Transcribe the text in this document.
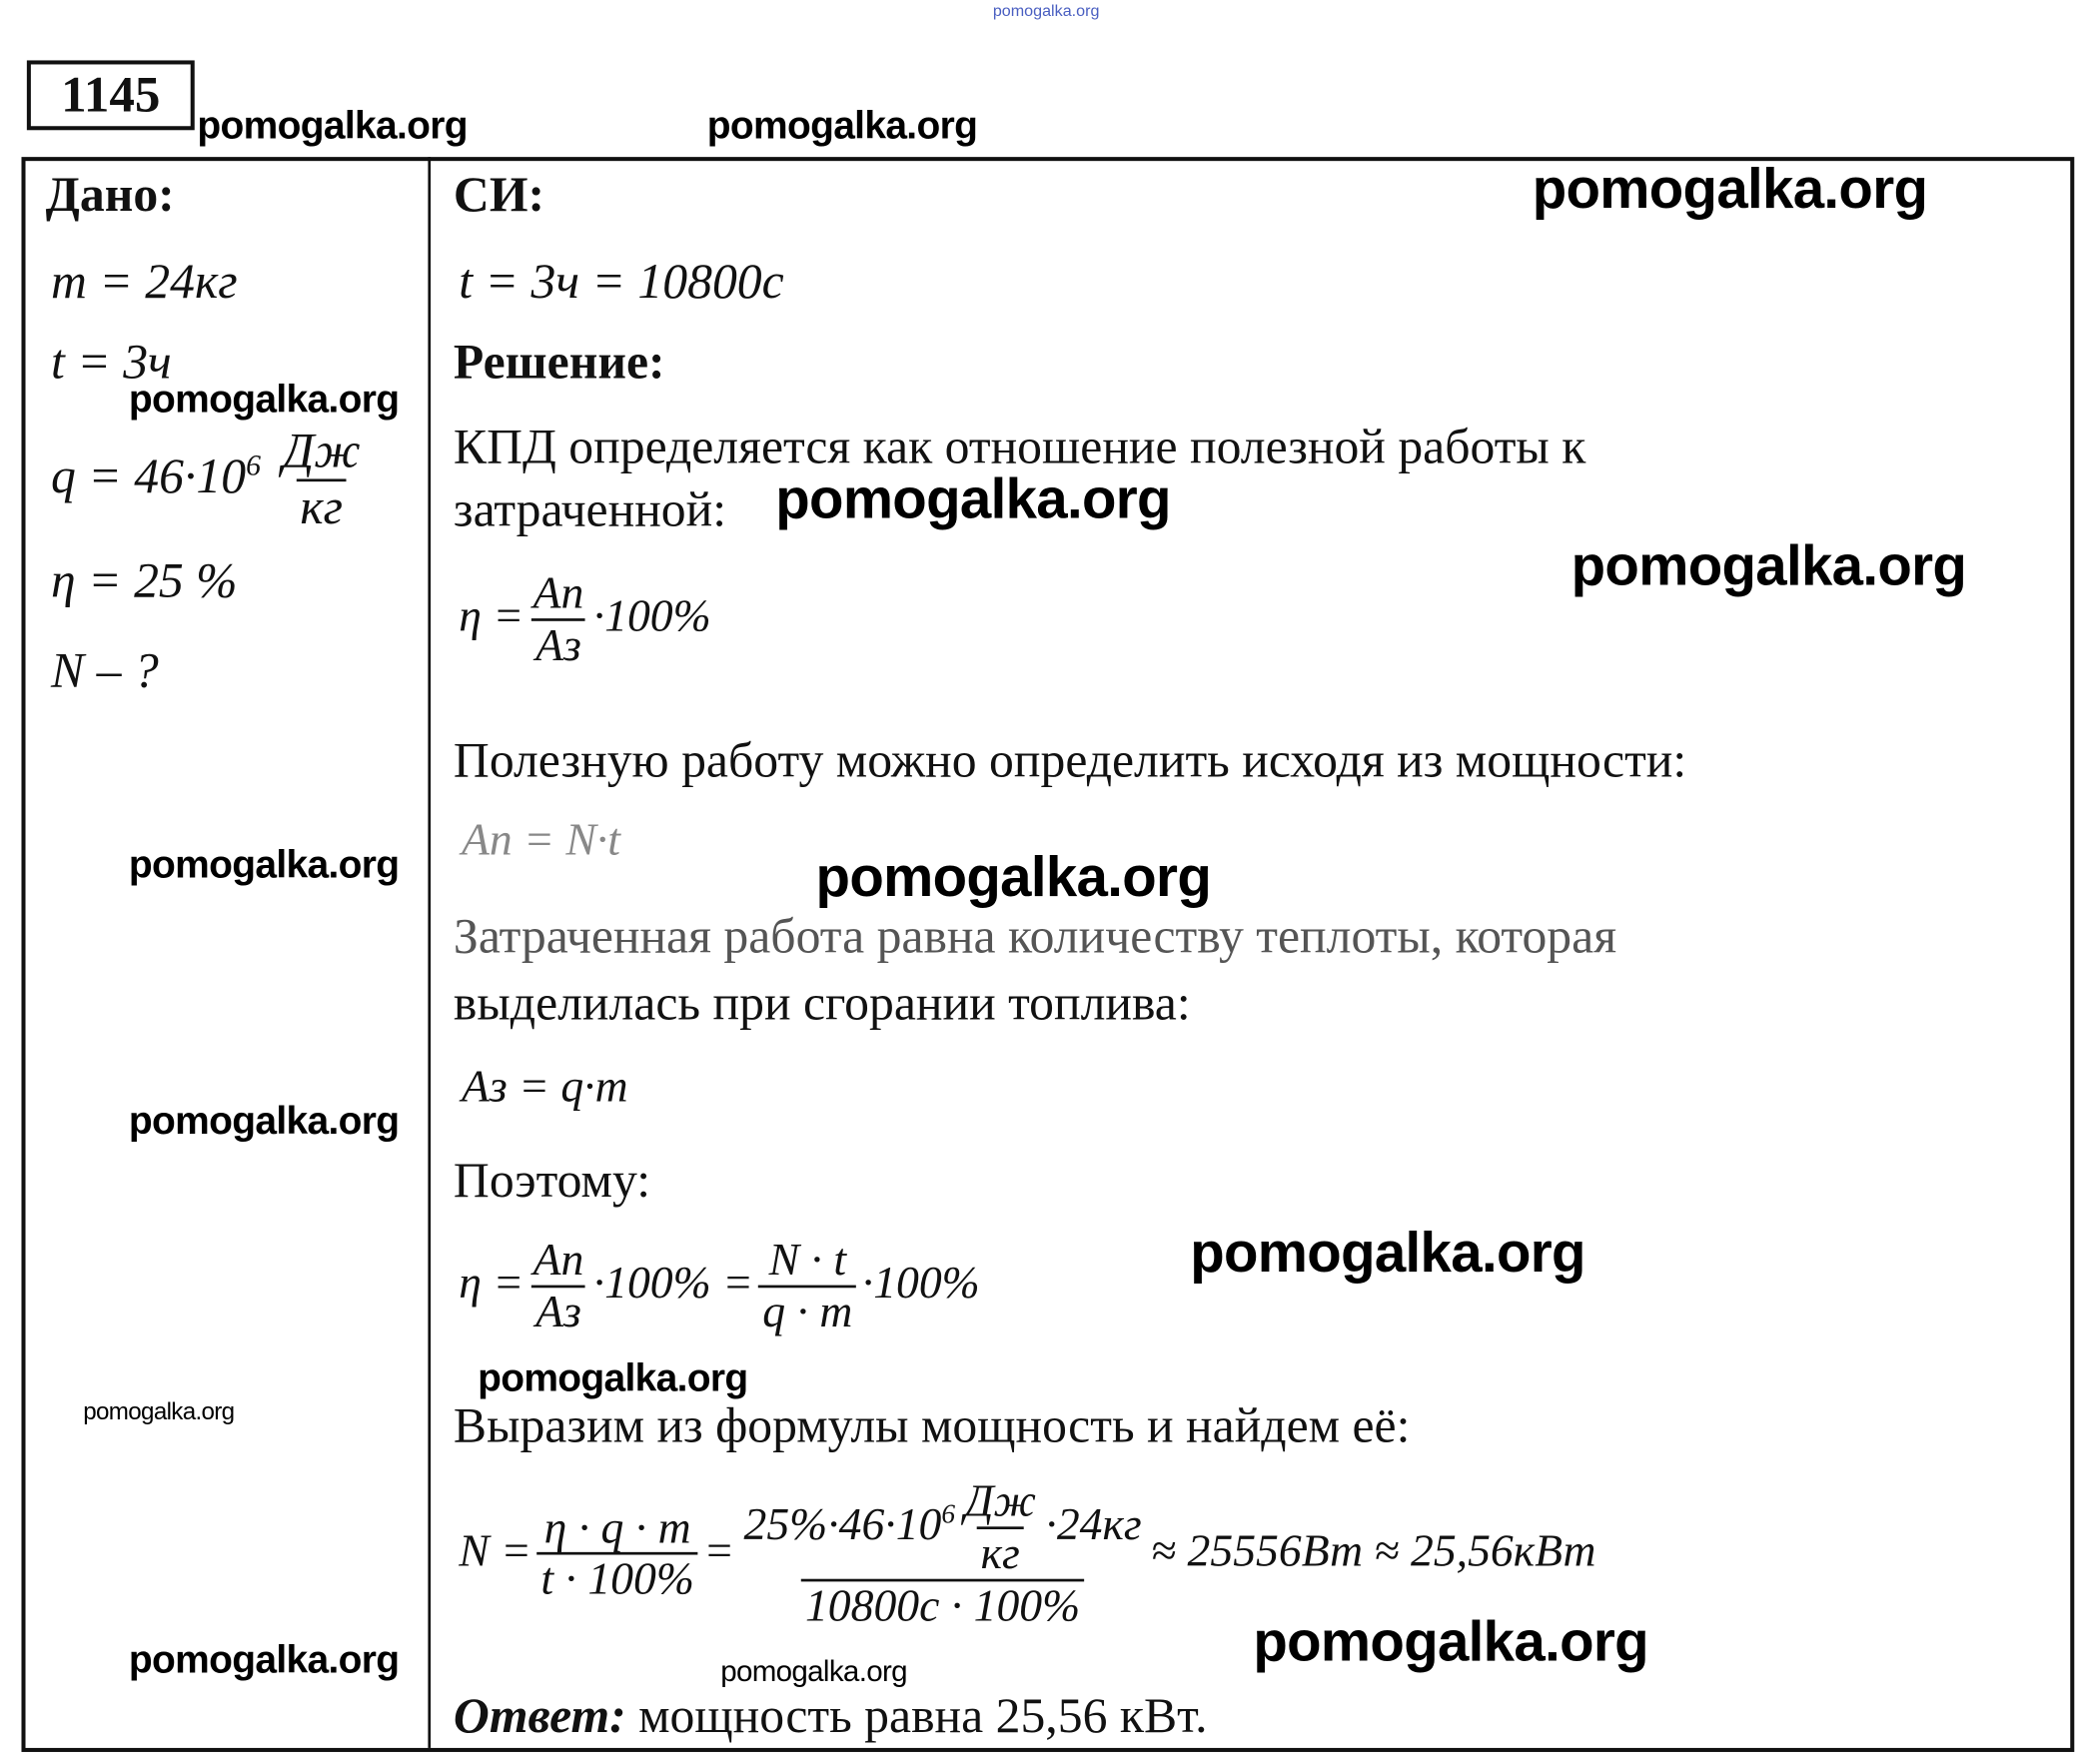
pomogalka.org
1145
pomogalka.org	pomogalka.org
Дано:
m = 24кг
t = 3ч
pomogalka.org
$q = 46\cdot 10^6 \frac{Дж}{кг}$
η = 25 %
N – ?
pomogalka.org
pomogalka.org
pomogalka.org
pomogalka.org
СИ:	pomogalka.org
t = 3ч = 10800с
Решение:
КПД определяется как отношение полезной работы к
затраченной: pomogalka.org
pomogalka.org
$\eta = \frac{Aп}{Aз} \cdot 100\%$
Полезную работу можно определить исходя из мощности:
Aп = N·t
pomogalka.org
Затраченная работа равна количеству теплоты, которая
выделилась при сгорании топлива:
Aз = q·m
Поэтому:
pomogalka.org
$\eta = \frac{Aп}{Aз} \cdot 100\% = \frac{N \cdot t}{q \cdot m} \cdot 100\%$
pomogalka.org
Выразим из формулы мощность и найдем её:
$N = \frac{\eta \cdot q \cdot m}{t \cdot 100\%} = \frac{25\%\cdot 46\cdot 10^6 \frac{Дж}{кг} \cdot 24кг}{10800с \cdot 100\%} \approx 25556Вт \approx 25,56кВт$
pomogalka.org
pomogalka.org
Ответ: мощность равна 25,56 кВт.
